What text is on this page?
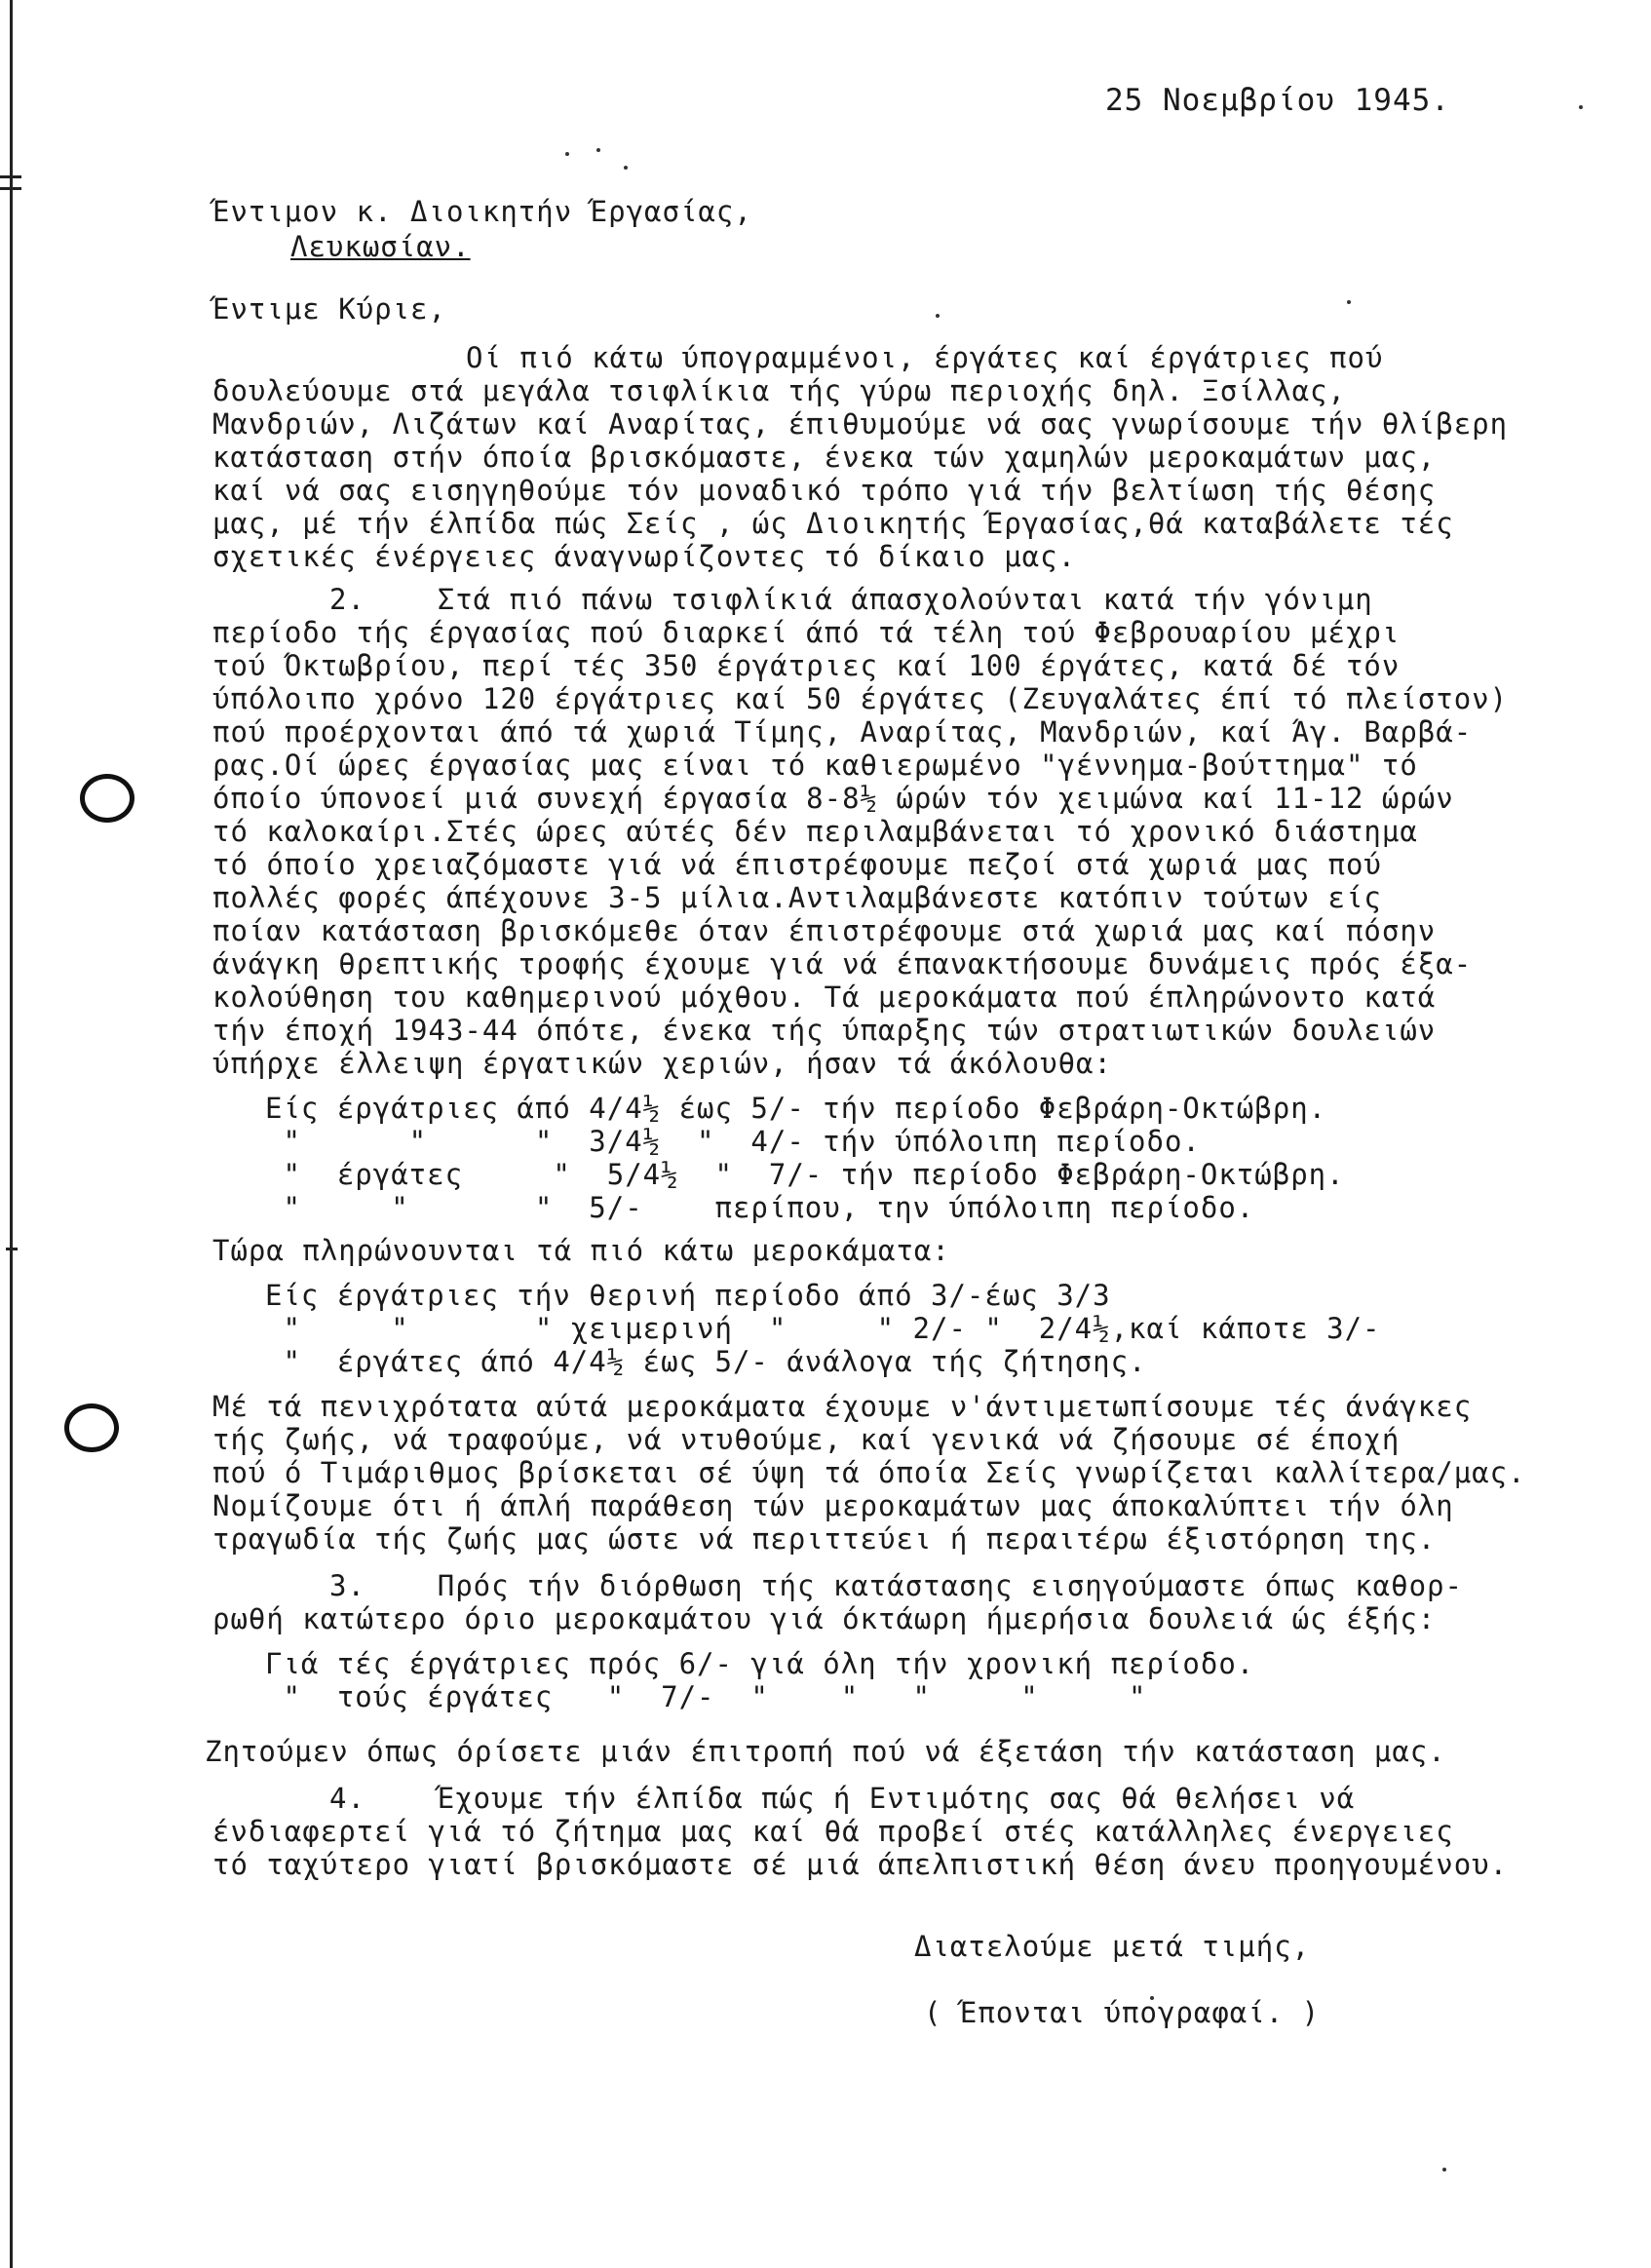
25 Νοεμβρίου 1945.
Έντιμον κ. Διοικητήν Έργασίας,
Λευκωσίαν.
Έντιμε Κύριε,
Οί πιό κάτω ύπογραμμένοι, έργάτες καί έργάτριες πού
δουλεύουμε στά μεγάλα τσιφλίκια τής γύρω περιοχής δηλ. Ξσίλλας,
Μανδριών, Λιζάτων καί Αναρίτας, έπιθυμούμε νά σας γνωρίσουμε τήν θλίβερη
κατάσταση στήν όποία βρισκόμαστε, ένεκα τών χαμηλών μεροκαμάτων μας,
καί νά σας εισηγηθούμε τόν μοναδικό τρόπο γιά τήν βελτίωση τής θέσης
μας, μέ τήν έλπίδα πώς Σείς , ώς Διοικητής Έργασίας,θά καταβάλετε τές
σχετικές ένέργειες άναγνωρίζοντες τό δίκαιο μας.
2.    Στά πιό πάνω τσιφλίκιά άπασχολούνται κατά τήν γόνιμη
περίοδο τής έργασίας πού διαρκεί άπό τά τέλη τού Φεβρουαρίου μέχρι
τού Όκτωβρίου, περί τές 350 έργάτριες καί 100 έργάτες, κατά δέ τόν
ύπόλοιπο χρόνο 120 έργάτριες καί 50 έργάτες (Ζευγαλάτες έπί τό πλείστον)
πού προέρχονται άπό τά χωριά Τίμης, Αναρίτας, Μανδριών, καί Άγ. Βαρβά-
ρας.Οί ώρες έργασίας μας είναι τό καθιερωμένο "γέννημα-βούττημα" τό
όποίο ύπονοεί μιά συνεχή έργασία 8-8½ ώρών τόν χειμώνα καί 11-12 ώρών
τό καλοκαίρι.Στές ώρες αύτές δέν περιλαμβάνεται τό χρονικό διάστημα
τό όποίο χρειαζόμαστε γιά νά έπιστρέφουμε πεζοί στά χωριά μας πού
πολλές φορές άπέχουνε 3-5 μίλια.Αντιλαμβάνεστε κατόπιν τούτων είς
ποίαν κατάσταση βρισκόμεθε όταν έπιστρέφουμε στά χωριά μας καί πόσην
άνάγκη θρεπτικής τροφής έχουμε γιά νά έπανακτήσουμε δυνάμεις πρός έξα-
κολούθηση του καθημερινού μόχθου. Τά μεροκάματα πού έπληρώνοντο κατά
τήν έποχή 1943-44 όπότε, ένεκα τής ύπαρξης τών στρατιωτικών δουλειών
ύπήρχε έλλειψη έργατικών χεριών, ήσαν τά άκόλουθα:
Είς έργάτριες άπό 4/4½ έως 5/- τήν περίοδο Φεβράρη-Οκτώβρη.
"      "      "  3/4½  "  4/- τήν ύπόλοιπη περίοδο.
"  έργάτες     "  5/4½  "  7/- τήν περίοδο Φεβράρη-Οκτώβρη.
"     "       "  5/-    περίπου, την ύπόλοιπη περίοδο.
Τώρα πληρώνουνται τά πιό κάτω μεροκάματα:
Είς έργάτριες τήν θερινή περίοδο άπό 3/-έως 3/3
"     "       " χειμερινή  "     " 2/- "  2/4½,καί κάποτε 3/-
"  έργάτες άπό 4/4½ έως 5/- άνάλογα τής ζήτησης.
Μέ τά πενιχρότατα αύτά μεροκάματα έχουμε ν'άντιμετωπίσουμε τές άνάγκες
τής ζωής, νά τραφούμε, νά ντυθούμε, καί γενικά νά ζήσουμε σέ έποχή
πού ό Τιμάριθμος βρίσκεται σέ ύψη τά όποία Σείς γνωρίζεται καλλίτερα/μας.
Νομίζουμε ότι ή άπλή παράθεση τών μεροκαμάτων μας άποκαλύπτει τήν όλη
τραγωδία τής ζωής μας ώστε νά περιττεύει ή περαιτέρω έξιστόρηση της.
3.    Πρός τήν διόρθωση τής κατάστασης εισηγούμαστε όπως καθορ-
ρωθή κατώτερο όριο μεροκαμάτου γιά όκτάωρη ήμερήσια δουλειά ώς έξής:
Γιά τές έργάτριες πρός 6/- γιά όλη τήν χρονική περίοδο.
"  τούς έργάτες   "  7/-  "    "   "     "     "
Ζητούμεν όπως όρίσετε μιάν έπιτροπή πού νά έξετάση τήν κατάσταση μας.
4.    Έχουμε τήν έλπίδα πώς ή Εντιμότης σας θά θελήσει νά
ένδιαφερτεί γιά τό ζήτημα μας καί θά προβεί στές κατάλληλες ένεργειες
τό ταχύτερο γιατί βρισκόμαστε σέ μιά άπελπιστική θέση άνευ προηγουμένου.
Διατελούμε μετά τιμής,
( Έπονται ύπογραφαί. )
